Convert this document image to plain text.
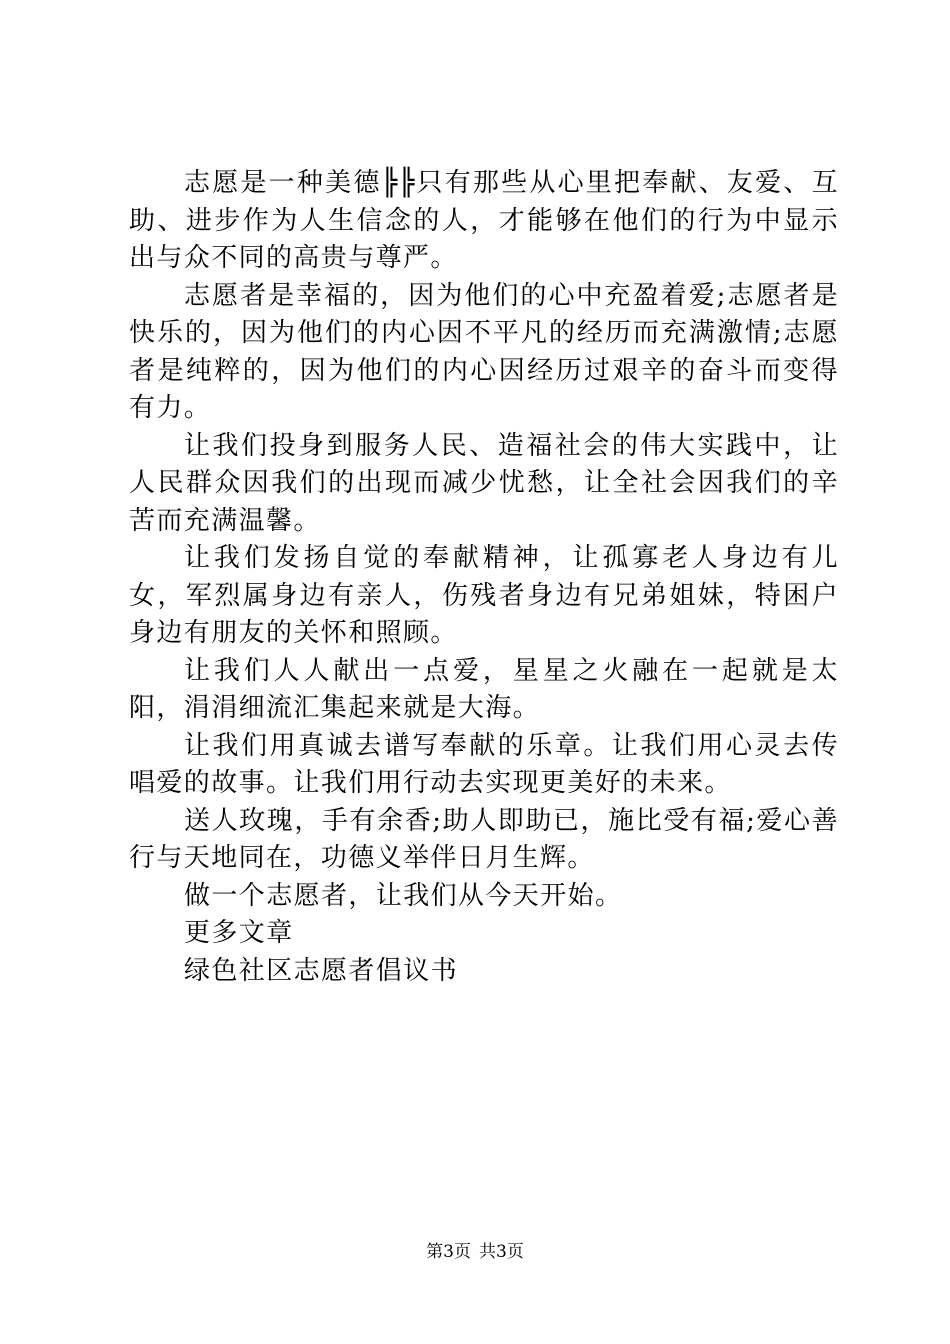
志愿是一种美德╠╠只有那些从心里把奉献、友爱、互助、进步作为人生信念的人，才能够在他们的行为中显示出与众不同的高贵与尊严。

志愿者是幸福的，因为他们的心中充盈着爱;志愿者是快乐的，因为他们的内心因不平凡的经历而充满激情;志愿者是纯粹的，因为他们的内心因经历过艰辛的奋斗而变得有力。

让我们投身到服务人民、造福社会的伟大实践中，让人民群众因我们的出现而减少忧愁，让全社会因我们的辛苦而充满温馨。

让我们发扬自觉的奉献精神，让孤寡老人身边有儿女，军烈属身边有亲人，伤残者身边有兄弟姐妹，特困户身边有朋友的关怀和照顾。

让我们人人献出一点爱，星星之火融在一起就是太阳，涓涓细流汇集起来就是大海。

让我们用真诚去谱写奉献的乐章。让我们用心灵去传唱爱的故事。让我们用行动去实现更美好的未来。

送人玫瑰，手有余香;助人即助已，施比受有福;爱心善行与天地同在，功德义举伴日月生辉。

做一个志愿者，让我们从今天开始。

更多文章

绿色社区志愿者倡议书

第3页 共3页
